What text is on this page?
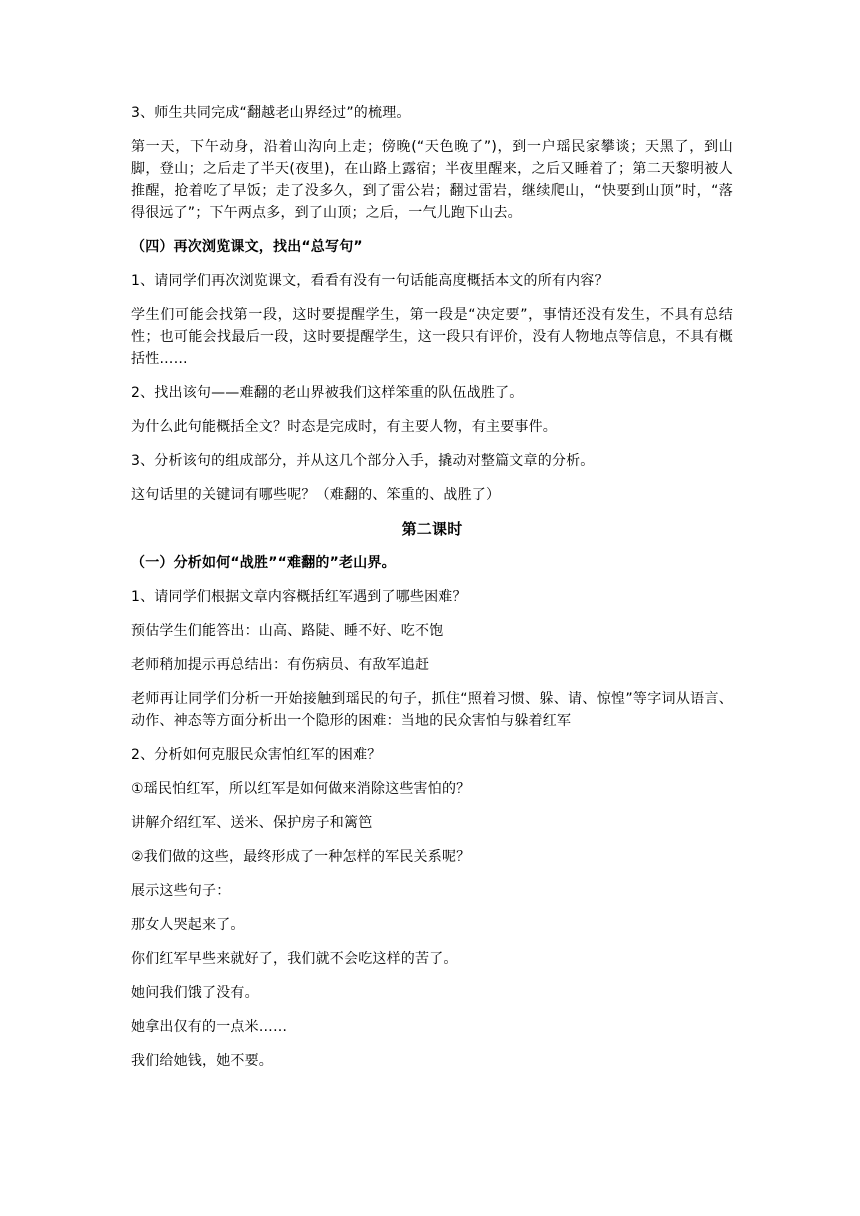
3、师生共同完成“翻越老山界经过”的梳理。

第一天，下午动身，沿着山沟向上走；傍晚(“天色晚了”)，到一户瑶民家攀谈；天黑了，到山脚，登山；之后走了半天(夜里)，在山路上露宿；半夜里醒来，之后又睡着了；第二天黎明被人推醒，抢着吃了早饭；走了没多久，到了雷公岩；翻过雷岩，继续爬山，“快要到山顶”时，“落得很远了”；下午两点多，到了山顶；之后，一气儿跑下山去。

（四）再次浏览课文，找出“总写句”

1、请同学们再次浏览课文，看看有没有一句话能高度概括本文的所有内容？

学生们可能会找第一段，这时要提醒学生，第一段是“决定要”，事情还没有发生，不具有总结性；也可能会找最后一段，这时要提醒学生，这一段只有评价，没有人物地点等信息，不具有概括性……

2、找出该句——难翻的老山界被我们这样笨重的队伍战胜了。

为什么此句能概括全文？时态是完成时，有主要人物，有主要事件。

3、分析该句的组成部分，并从这几个部分入手，撬动对整篇文章的分析。

这句话里的关键词有哪些呢？（难翻的、笨重的、战胜了）

第二课时

（一）分析如何“战胜”“难翻的”老山界。

1、请同学们根据文章内容概括红军遇到了哪些困难？

预估学生们能答出：山高、路陡、睡不好、吃不饱

老师稍加提示再总结出：有伤病员、有敌军追赶

老师再让同学们分析一开始接触到瑶民的句子，抓住“照着习惯、躲、请、惊惶”等字词从语言、动作、神态等方面分析出一个隐形的困难：当地的民众害怕与躲着红军

2、分析如何克服民众害怕红军的困难？

①瑶民怕红军，所以红军是如何做来消除这些害怕的？

讲解介绍红军、送米、保护房子和篱笆

②我们做的这些，最终形成了一种怎样的军民关系呢？

展示这些句子：

那女人哭起来了。

你们红军早些来就好了，我们就不会吃这样的苦了。

她问我们饿了没有。

她拿出仅有的一点米……

我们给她钱，她不要。
